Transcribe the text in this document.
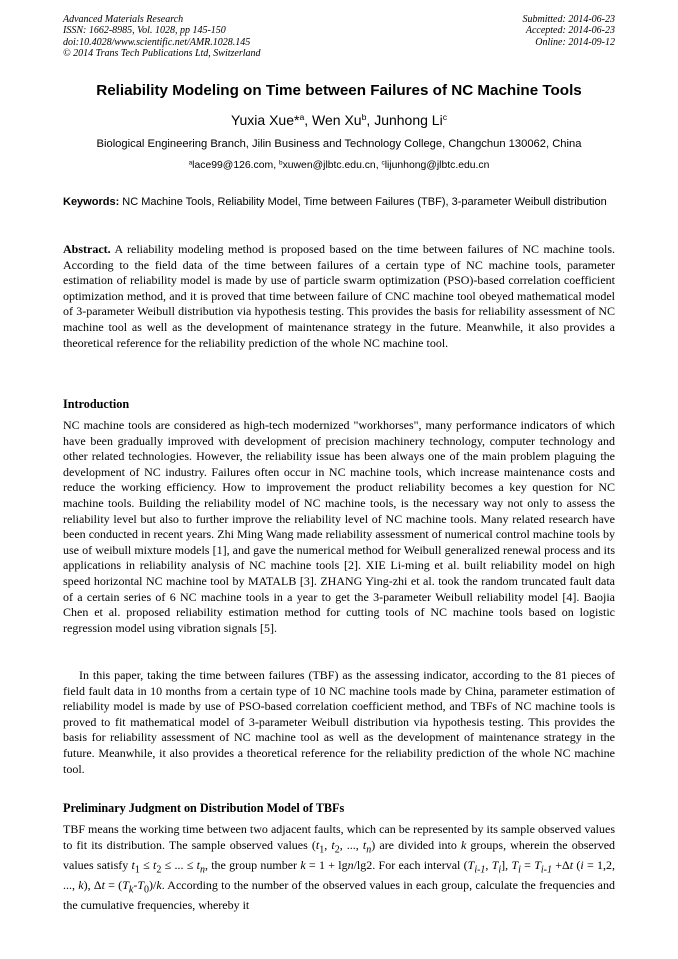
Advanced Materials Research
ISSN: 1662-8985, Vol. 1028, pp 145-150
doi:10.4028/www.scientific.net/AMR.1028.145
© 2014 Trans Tech Publications Ltd, Switzerland
Submitted: 2014-06-23
Accepted: 2014-06-23
Online: 2014-09-12
Reliability Modeling on Time between Failures of NC Machine Tools
Yuxia Xue*$^a$, Wen Xu$^b$, Junhong Li$^c$
Biological Engineering Branch, Jilin Business and Technology College, Changchun 130062, China
$^a$lace99@126.com, $^b$xuwen@jlbtc.edu.cn, $^c$lijunhong@jlbtc.edu.cn
Keywords: NC Machine Tools, Reliability Model, Time between Failures (TBF), 3-parameter Weibull distribution

Abstract. A reliability modeling method is proposed based on the time between failures of NC machine tools. According to the field data of the time between failures of a certain type of NC machine tools, parameter estimation of reliability model is made by use of particle swarm optimization (PSO)-based correlation coefficient optimization method, and it is proved that time between failure of CNC machine tool obeyed mathematical model of 3-parameter Weibull distribution via hypothesis testing. This provides the basis for reliability assessment of NC machine tool as well as the development of maintenance strategy in the future. Meanwhile, it also provides a theoretical reference for the reliability prediction of the whole NC machine tool.

Introduction

NC machine tools are considered as high-tech modernized "workhorses", many performance indicators of which have been gradually improved with development of precision machinery technology, computer technology and other related technologies. However, the reliability issue has been always one of the main problem plaguing the development of NC industry. Failures often occur in NC machine tools, which increase maintenance costs and reduce the working efficiency. How to improvement the product reliability becomes a key question for NC machine tools. Building the reliability model of NC machine tools, is the necessary way not only to assess the reliability level but also to further improve the reliability level of NC machine tools. Many related research have been conducted in recent years. Zhi Ming Wang made reliability assessment of numerical control machine tools by use of weibull mixture models [1], and gave the numerical method for Weibull generalized renewal process and its applications in reliability analysis of NC machine tools [2]. XIE Li-ming et al. built reliability model on high speed horizontal NC machine tool by MATALB [3]. ZHANG Ying-zhi et al. took the random truncated fault data of a certain series of 6 NC machine tools in a year to get the 3-parameter Weibull reliability model [4]. Baojia Chen et al. proposed reliability estimation method for cutting tools of NC machine tools based on logistic regression model using vibration signals [5].

In this paper, taking the time between failures (TBF) as the assessing indicator, according to the 81 pieces of field fault data in 10 months from a certain type of 10 NC machine tools made by China, parameter estimation of reliability model is made by use of PSO-based correlation coefficient method, and TBFs of NC machine tools is proved to fit mathematical model of 3-parameter Weibull distribution via hypothesis testing. This provides the basis for reliability assessment of NC machine tool as well as the development of maintenance strategy in the future. Meanwhile, it also provides a theoretical reference for the reliability prediction of the whole NC machine tool.

Preliminary Judgment on Distribution Model of TBFs

TBF means the working time between two adjacent faults, which can be represented by its sample observed values to fit its distribution. The sample observed values ($t_1$, $t_2$, ..., $t_n$) are divided into k groups, wherein the observed values satisfy $t_1 \le t_2$ ≤ ... ≤ $t_n$, the group number k = 1 + lgn/lg2. For each interval ($T_{i-1}$, $T_i$], $T_i = T_{i-1} +\Delta t$ (i = 1,2, ..., k), $\Delta t = (T_k-T_0)/k$. According to the number of the observed values in each group, calculate the frequencies and the cumulative frequencies, whereby it
